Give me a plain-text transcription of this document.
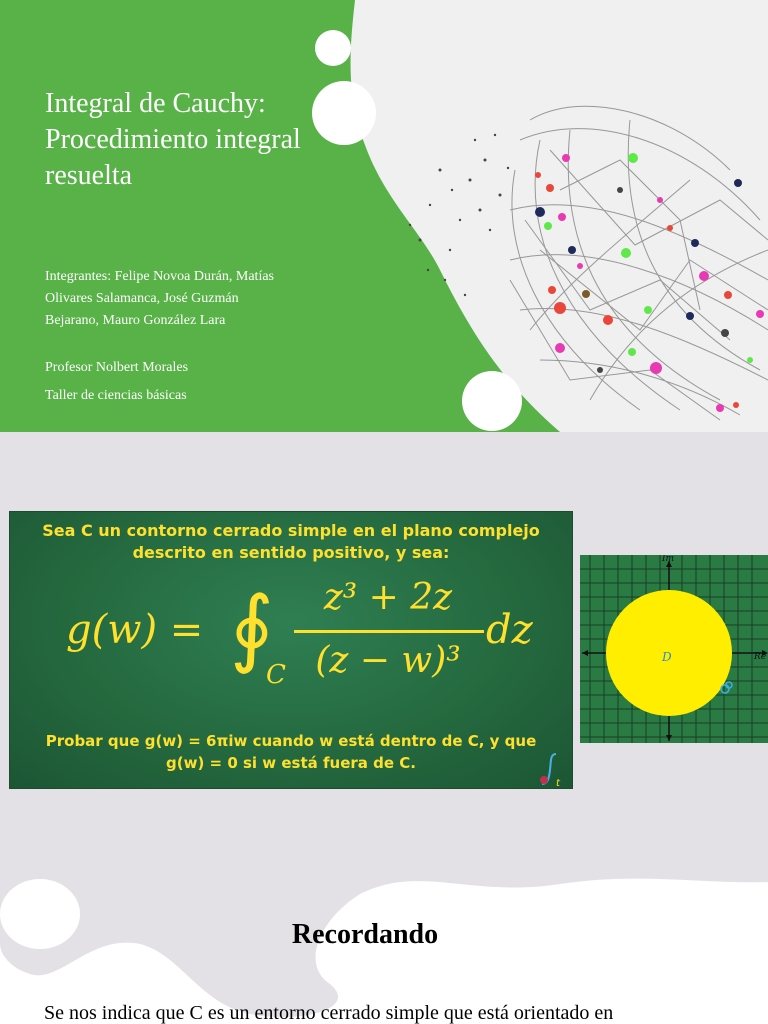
Integral de Cauchy: Procedimiento integral resuelta

Integrantes: Felipe Novoa Durán, Matías Olivares Salamanca, José Guzmán Bejarano, Mauro González Lara

Profesor Nolbert Morales

Taller de ciencias básicas

Sea C un contorno cerrado simple en el plano complejo
descrito en sentido positivo, y sea:
g(w) = ∮
C
z³ + 2z
(z − w)³
dz
Probar que g(w) = 6πiw cuando w está dentro de C, y que
g(w) = 0 si w está fuera de C.
t
Im
Re
D
Recordando

Se nos indica que C es un entorno cerrado simple que está orientado en
